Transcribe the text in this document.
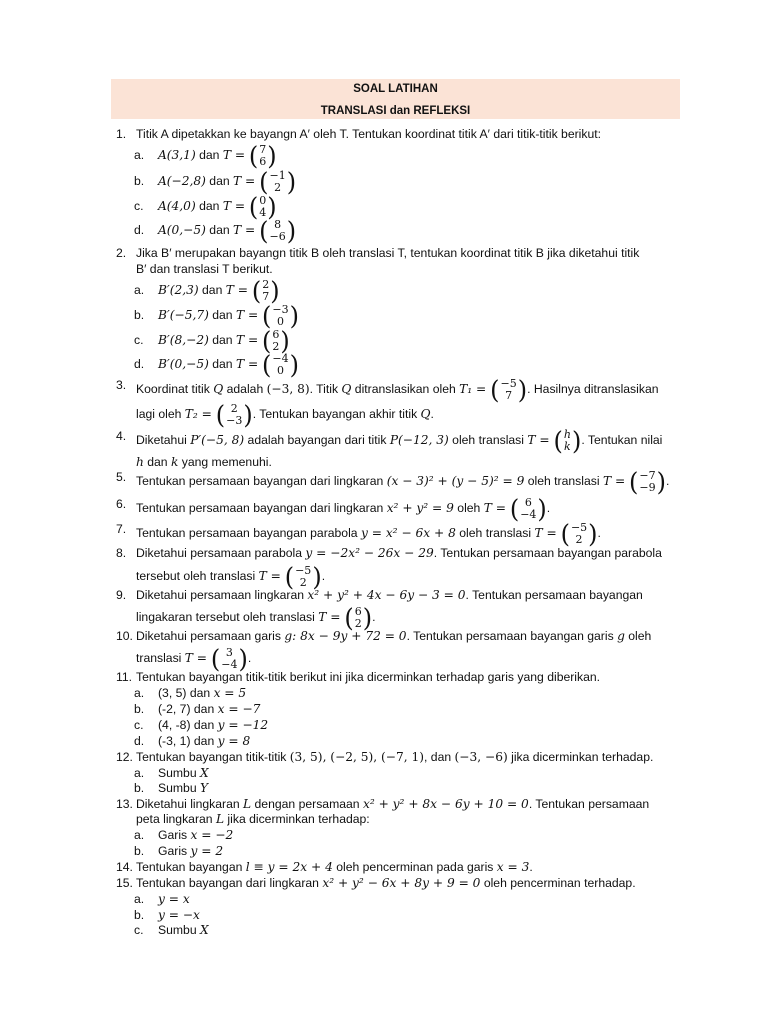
SOAL LATIHAN
TRANSLASI dan REFLEKSI
1. Titik A dipetakkan ke bayangn A′ oleh T. Tentukan koordinat titik A′ dari titik-titik berikut:
a. A(3,1) dan T = ( 7
6 )
b. A(−2,8) dan T = ( −1
2 )
c. A(4,0) dan T = ( 0
4 )
d. A(0,−5) dan T = ( 8
−6 )
2. Jika B′ merupakan bayangn titik B oleh translasi T, tentukan koordinat titik B jika diketahui titik
B′ dan translasi T berikut.
a. B′(2,3) dan T = ( 2
7 )
b. B′(−5,7) dan T = ( −3
0 )
c. B′(8,−2) dan T = ( 6
2 )
d. B′(0,−5) dan T = ( −4
0 )
3. Koordinat titik Q adalah (−3, 8). Titik Q ditranslasikan oleh T₁ = ( −5
7 ) . Hasilnya ditranslasikan
lagi oleh T₂ = ( 2
−3 ) . Tentukan bayangan akhir titik Q.
4. Diketahui P′(−5, 8) adalah bayangan dari titik P(−12, 3) oleh translasi T = ( h
k ) . Tentukan nilai
h dan k yang memenuhi.
5. Tentukan persamaan bayangan dari lingkaran (x − 3)² + (y − 5)² = 9 oleh translasi T = ( −7
−9 ) .
6. Tentukan persamaan bayangan dari lingkaran x² + y² = 9 oleh T = ( 6
−4 ) .
7. Tentukan persamaan bayangan parabola y = x² − 6x + 8 oleh translasi T = ( −5
2 ) .
8. Diketahui persamaan parabola y = −2x² − 26x − 29. Tentukan persamaan bayangan parabola
tersebut oleh translasi T = ( −5
2 ) .
9. Diketahui persamaan lingkaran x² + y² + 4x − 6y − 3 = 0. Tentukan persamaan bayangan
lingakaran tersebut oleh translasi T = ( 6
2 ) .
10. Diketahui persamaan garis g: 8x − 9y + 72 = 0. Tentukan persamaan bayangan garis g oleh
translasi T = ( 3
−4 ) .
11. Tentukan bayangan titik-titik berikut ini jika dicerminkan terhadap garis yang diberikan.
a. (3, 5) dan x = 5
b. (-2, 7) dan x = −7
c. (4, -8) dan y = −12
d. (-3, 1) dan y = 8
12. Tentukan bayangan titik-titik (3, 5), (−2, 5), (−7, 1), dan (−3, −6) jika dicerminkan terhadap.
a. Sumbu X
b. Sumbu Y
13. Diketahui lingkaran L dengan persamaan x² + y² + 8x − 6y + 10 = 0. Tentukan persamaan
peta lingkaran L jika dicerminkan terhadap:
a. Garis x = −2
b. Garis y = 2
14. Tentukan bayangan l ≡ y = 2x + 4 oleh pencerminan pada garis x = 3.
15. Tentukan bayangan dari lingkaran x² + y² − 6x + 8y + 9 = 0 oleh pencerminan terhadap.
a. y = x
b. y = −x
c. Sumbu X
